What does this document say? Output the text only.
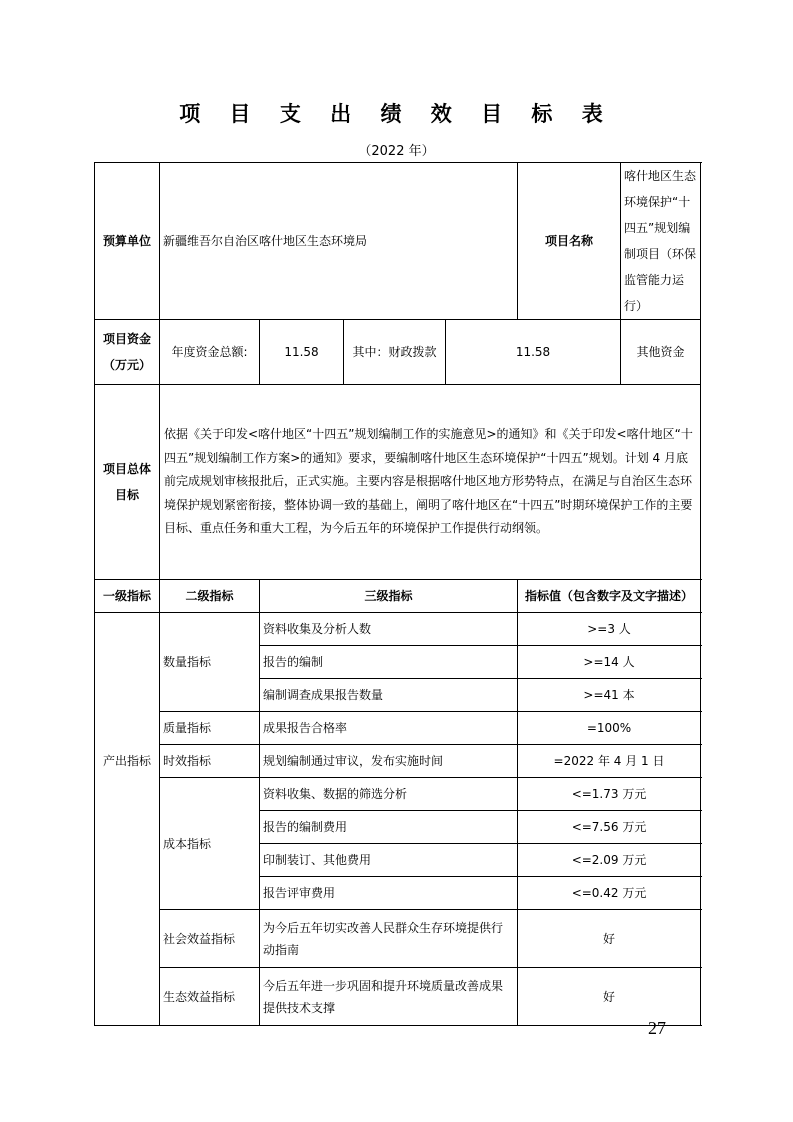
项 目 支 出 绩 效 目 标 表
（2022 年）
预算单位	新疆维吾尔自治区喀什地区生态环境局				项目名称	喀什地区生态环境保护“十四五”规划编制项目（环保监管能力运行）	
项目资金（万元）	年度资金总额:	11.58	其中：财政拨款	11.58		其他资金	
项目总体目标	依据《关于印发<喀什地区“十四五”规划编制工作的实施意见>的通知》和《关于印发<喀什地区“十四五”规划编制工作方案>的通知》要求，要编制喀什地区生态环境保护“十四五”规划。计划 4 月底前完成规划审核报批后，正式实施。主要内容是根据喀什地区地方形势特点，在满足与自治区生态环境保护规划紧密衔接，整体协调一致的基础上，阐明了喀什地区在“十四五”时期环境保护工作的主要目标、重点任务和重大工程，为今后五年的环境保护工作提供行动纲领。						
一级指标	二级指标	三级指标			指标值（包含数字及文字描述）		
产出指标	数量指标	资料收集及分析人数			>=3 人		
		报告的编制			>=14 人		
		编制调查成果报告数量			>=41 本		
	质量指标	成果报告合格率			=100%		
	时效指标	规划编制通过审议，发布实施时间			=2022 年 4 月 1 日		
	成本指标	资料收集、数据的筛选分析			<=1.73 万元		
		报告的编制费用			<=7.56 万元		
		印制装订、其他费用			<=2.09 万元		
		报告评审费用			<=0.42 万元		
	社会效益指标	为今后五年切实改善人民群众生存环境提供行动指南			好		
	生态效益指标	今后五年进一步巩固和提升环境质量改善成果提供技术支撑			好		
27
